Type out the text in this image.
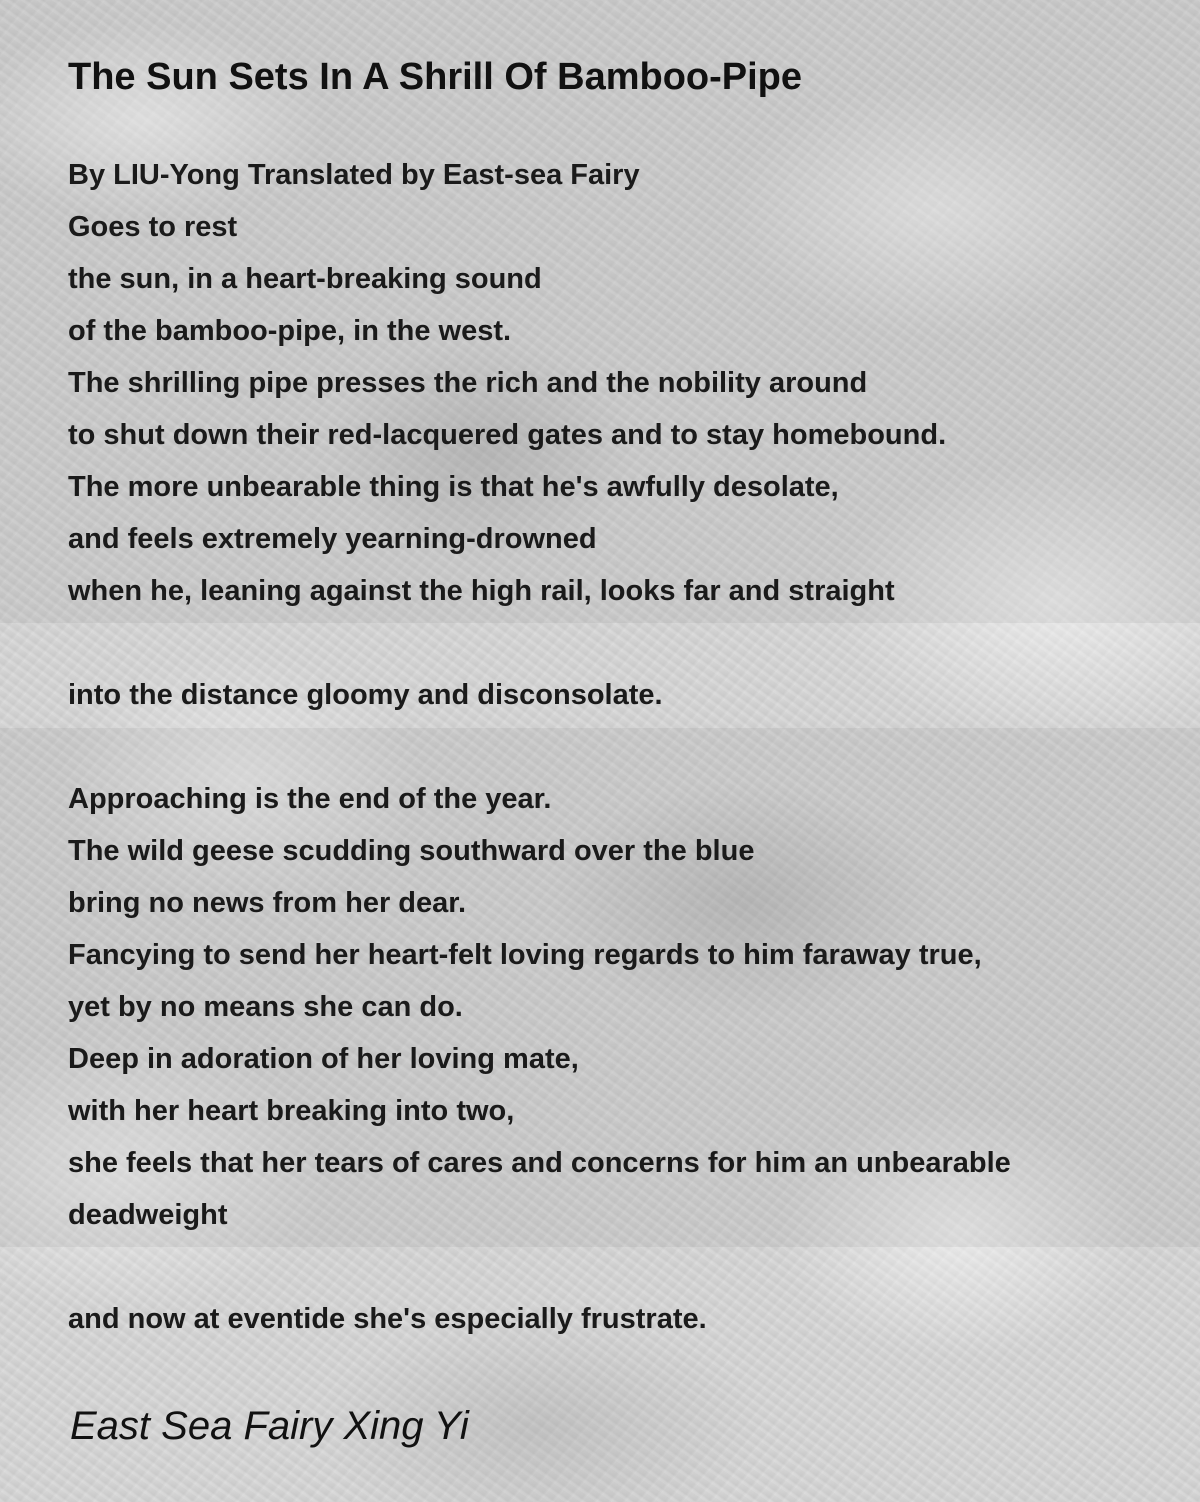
The Sun Sets In A Shrill Of Bamboo-Pipe
By LIU-Yong Translated by East-sea Fairy
Goes to rest
the sun, in a heart-breaking sound
of the bamboo-pipe, in the west.
The shrilling pipe presses the rich and the nobility around
to shut down their red-lacquered gates and to stay homebound.
The more unbearable thing is that he's awfully desolate,
and feels extremely yearning-drowned
when he, leaning against the high rail, looks far and straight
into the distance gloomy and disconsolate.
Approaching is the end of the year.
The wild geese scudding southward over the blue
bring no news from her dear.
Fancying to send her heart-felt loving regards to him faraway true,
yet by no means she can do.
Deep in adoration of her loving mate,
with her heart breaking into two,
she feels that her tears of cares and concerns for him an unbearable
deadweight
and now at eventide she's especially frustrate.
East Sea Fairy Xing Yi
